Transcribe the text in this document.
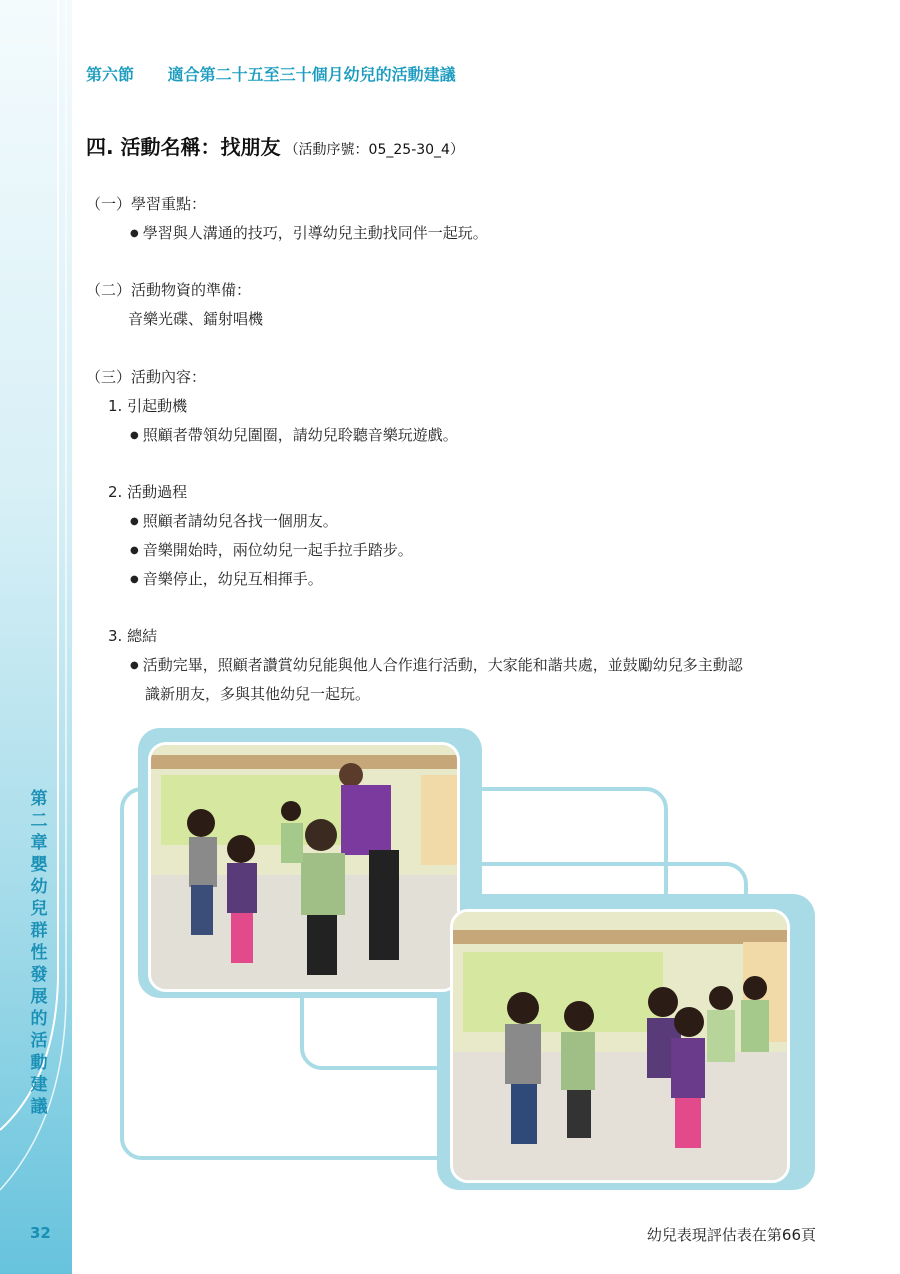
第二章 嬰幼兒群性發展的活動建議
32
第六節 適合第二十五至三十個月幼兒的活動建議
四. 活動名稱：找朋友 （活動序號：05_25-30_4）
（一）學習重點：
● 學習與人溝通的技巧，引導幼兒主動找同伴一起玩。
（二）活動物資的準備：
音樂光碟、鐳射唱機
（三）活動內容：
1. 引起動機
● 照顧者帶領幼兒圍圈，請幼兒聆聽音樂玩遊戲。
2. 活動過程
● 照顧者請幼兒各找一個朋友。
● 音樂開始時，兩位幼兒一起手拉手踏步。
● 音樂停止，幼兒互相揮手。
3. 總結
● 活動完畢，照顧者讚賞幼兒能與他人合作進行活動，大家能和諧共處，並鼓勵幼兒多主動認
識新朋友，多與其他幼兒一起玩。
幼兒表現評估表在第66頁
